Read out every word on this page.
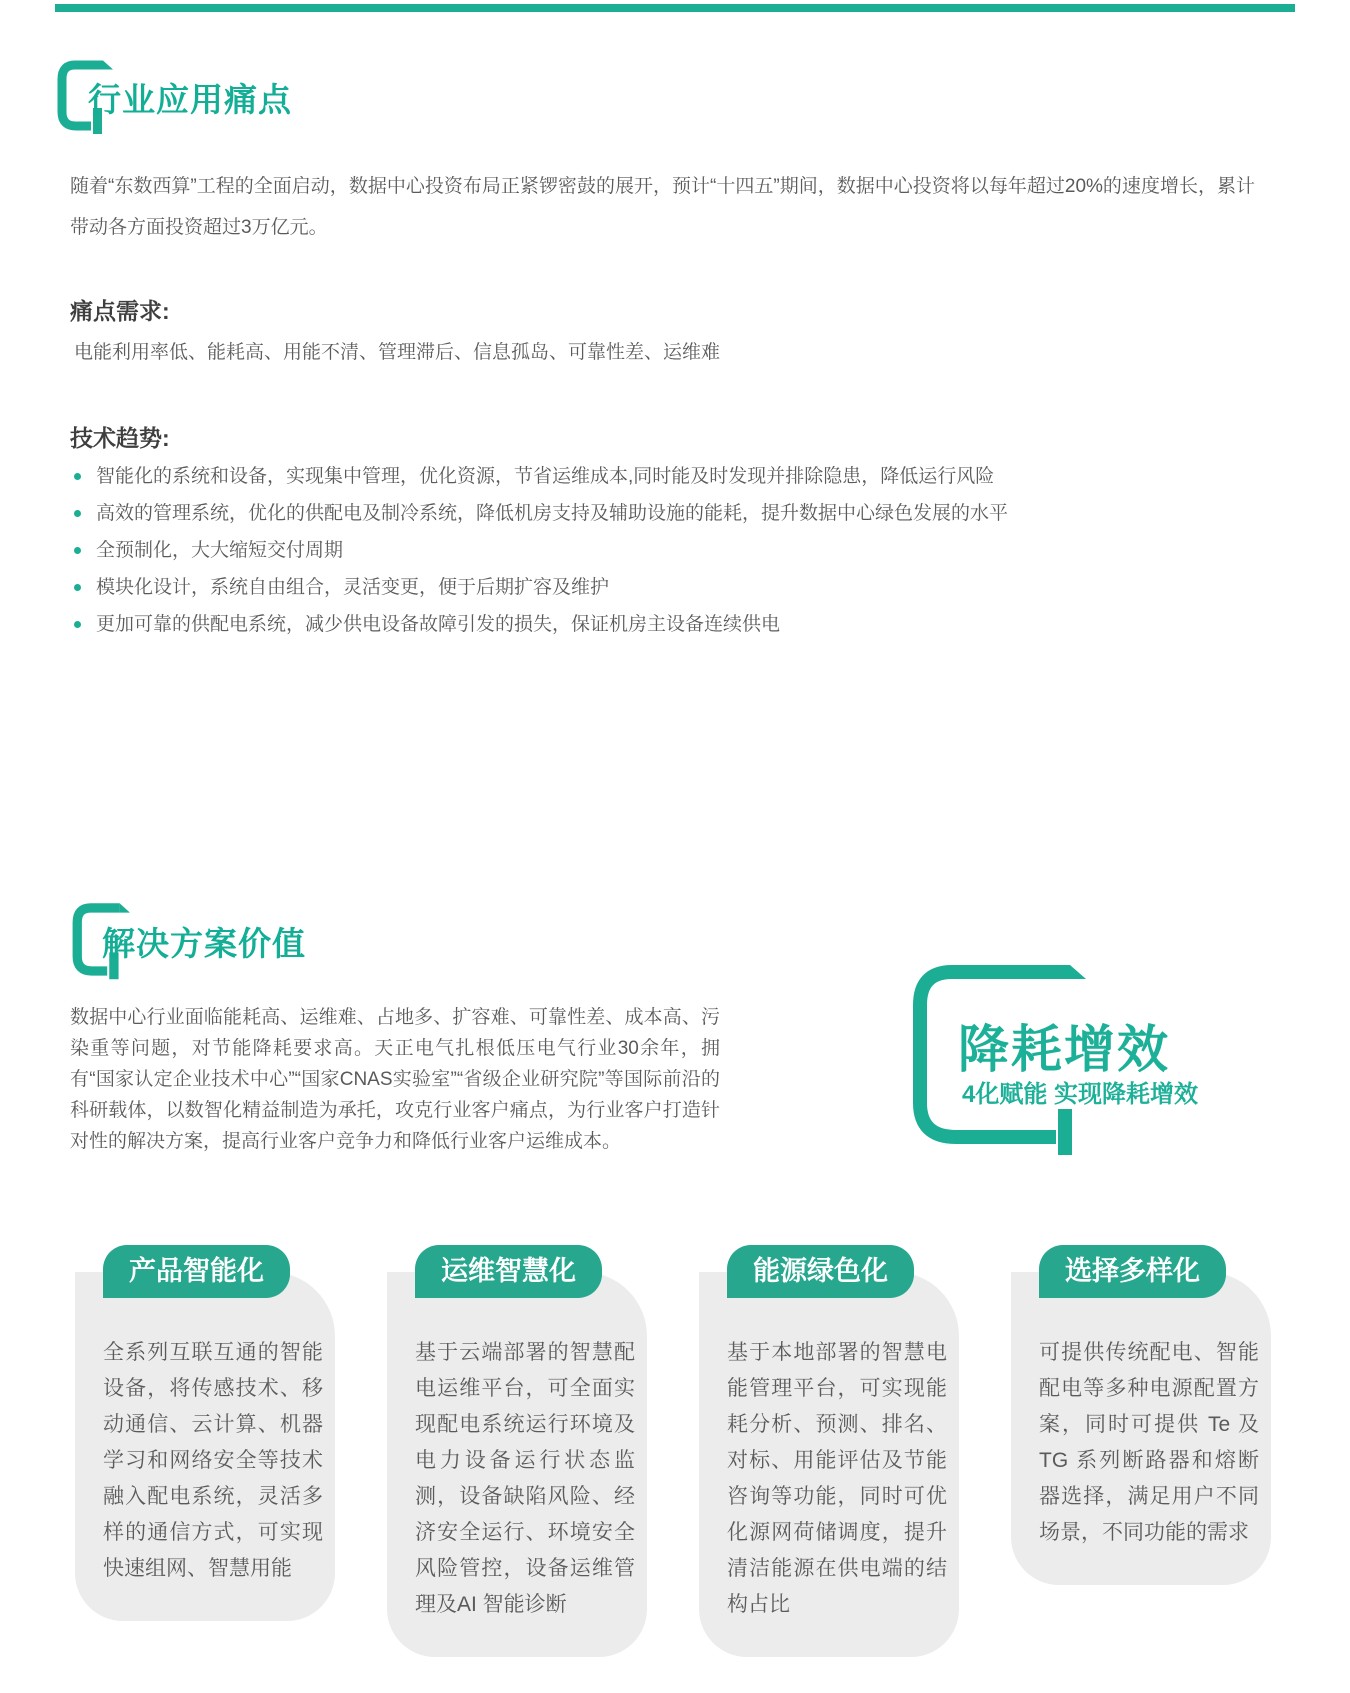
行业应用痛点
随着“东数西算”工程的全面启动，数据中心投资布局正紧锣密鼓的展开，预计“十四五”期间，数据中心投资将以每年超过20%的速度增长，累计带动各方面投资超过3万亿元。
痛点需求:
电能利用率低、能耗高、用能不清、管理滞后、信息孤岛、可靠性差、运维难
技术趋势:
智能化的系统和设备，实现集中管理，优化资源，节省运维成本,同时能及时发现并排除隐患，降低运行风险
高效的管理系统，优化的供配电及制冷系统，降低机房支持及辅助设施的能耗，提升数据中心绿色发展的水平
全预制化，大大缩短交付周期
模块化设计，系统自由组合，灵活变更，便于后期扩容及维护
更加可靠的供配电系统，减少供电设备故障引发的损失，保证机房主设备连续供电
解决方案价值
数据中心行业面临能耗高、运维难、占地多、扩容难、可靠性差、成本高、污染重等问题，对节能降耗要求高。天正电气扎根低压电气行业30余年，拥有“国家认定企业技术中心”“国家CNAS实验室”“省级企业研究院”等国际前沿的科研载体，以数智化精益制造为承托，攻克行业客户痛点，为行业客户打造针对性的解决方案，提高行业客户竞争力和降低行业客户运维成本。
降耗增效
4化赋能 实现降耗增效
产品智能化
全系列互联互通的智能设备，将传感技术、移动通信、云计算、机器学习和网络安全等技术融入配电系统，灵活多样的通信方式，可实现快速组网、智慧用能
运维智慧化
基于云端部署的智慧配电运维平台，可全面实现配电系统运行环境及电力设备运行状态监测，设备缺陷风险、经济安全运行、环境安全风险管控，设备运维管理及AI 智能诊断
能源绿色化
基于本地部署的智慧电能管理平台，可实现能耗分析、预测、排名、对标、用能评估及节能咨询等功能，同时可优化源网荷储调度，提升清洁能源在供电端的结构占比
选择多样化
可提供传统配电、智能配电等多种电源配置方案，同时可提供 Te 及 TG 系列断路器和熔断器选择，满足用户不同场景，不同功能的需求
